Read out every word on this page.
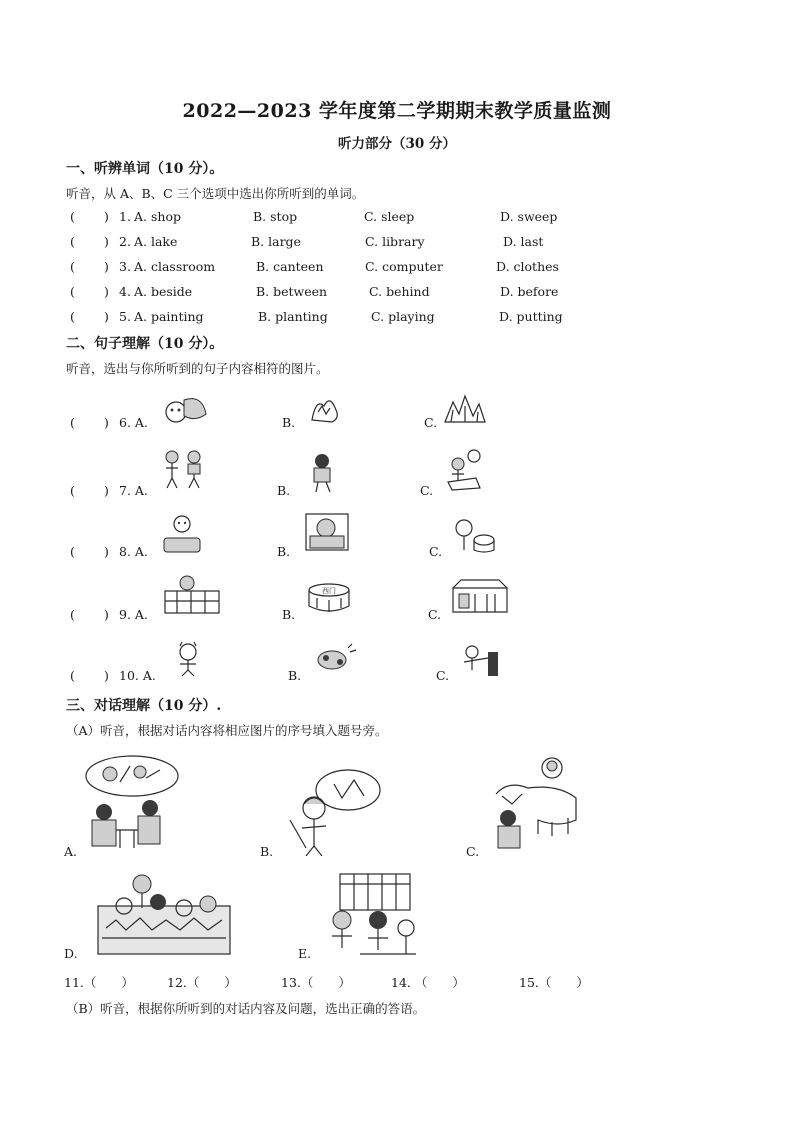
2022—2023 学年度第二学期期末教学质量监测
听力部分（30 分）
一、听辨单词（10 分）。
听音，从 A、B、C 三个选项中选出你所听到的单词。
( ) 1. A. shop	B. stop	C. sleep	D. sweep
( ) 2. A. lake	B. large	C. library	D. last
( ) 3. A. classroom	B. canteen	C. computer	D. clothes
( ) 4. A. beside	B. between	C. behind	D. before
( ) 5. A. painting	B. planting	C. playing	D. putting
二、句子理解（10 分）。
听音，选出与你所听到的句子内容相符的图片。
( ) 6. A.	B.	C.
( ) 7. A.	B.	C.
( ) 8. A.	B.	C.
( ) 9. A.	B.	C.
西门
( ) 10. A.	B.	C.
三、对话理解（10 分）.
（A）听音，根据对话内容将相应图片的序号填入题号旁。
A.	B.	C.
D.	E.
11.（　　）	12.（　　）	13.（　　）	14. （　　）	15.（　　）
（B）听音，根据你所听到的对话内容及问题，选出正确的答语。
